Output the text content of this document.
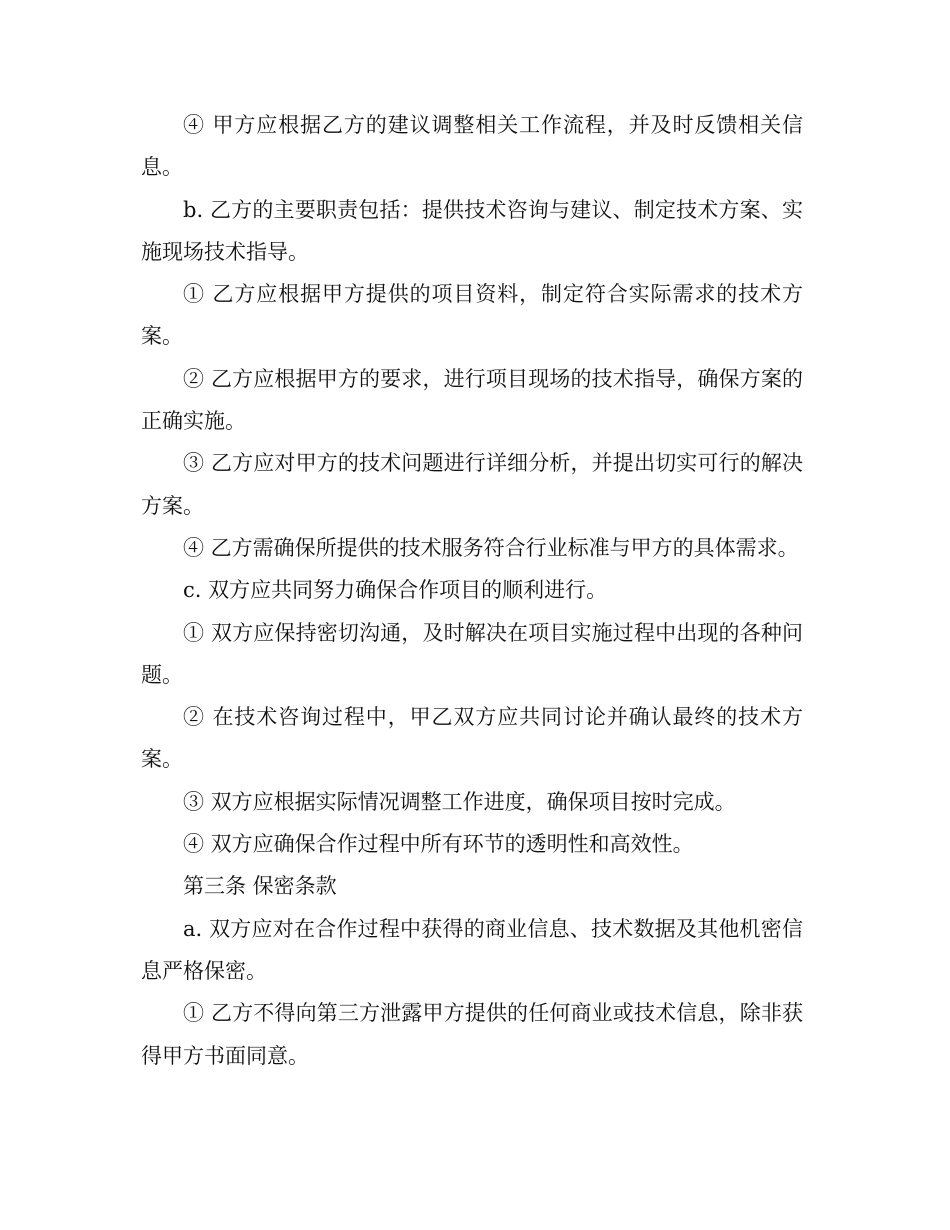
④ 甲方应根据乙方的建议调整相关工作流程，并及时反馈相关信息。

b. 乙方的主要职责包括：提供技术咨询与建议、制定技术方案、实施现场技术指导。

① 乙方应根据甲方提供的项目资料，制定符合实际需求的技术方案。

② 乙方应根据甲方的要求，进行项目现场的技术指导，确保方案的正确实施。

③ 乙方应对甲方的技术问题进行详细分析，并提出切实可行的解决方案。

④ 乙方需确保所提供的技术服务符合行业标准与甲方的具体需求。

c. 双方应共同努力确保合作项目的顺利进行。

① 双方应保持密切沟通，及时解决在项目实施过程中出现的各种问题。

② 在技术咨询过程中，甲乙双方应共同讨论并确认最终的技术方案。

③ 双方应根据实际情况调整工作进度，确保项目按时完成。

④ 双方应确保合作过程中所有环节的透明性和高效性。

第三条 保密条款

a. 双方应对在合作过程中获得的商业信息、技术数据及其他机密信息严格保密。

① 乙方不得向第三方泄露甲方提供的任何商业或技术信息，除非获得甲方书面同意。
